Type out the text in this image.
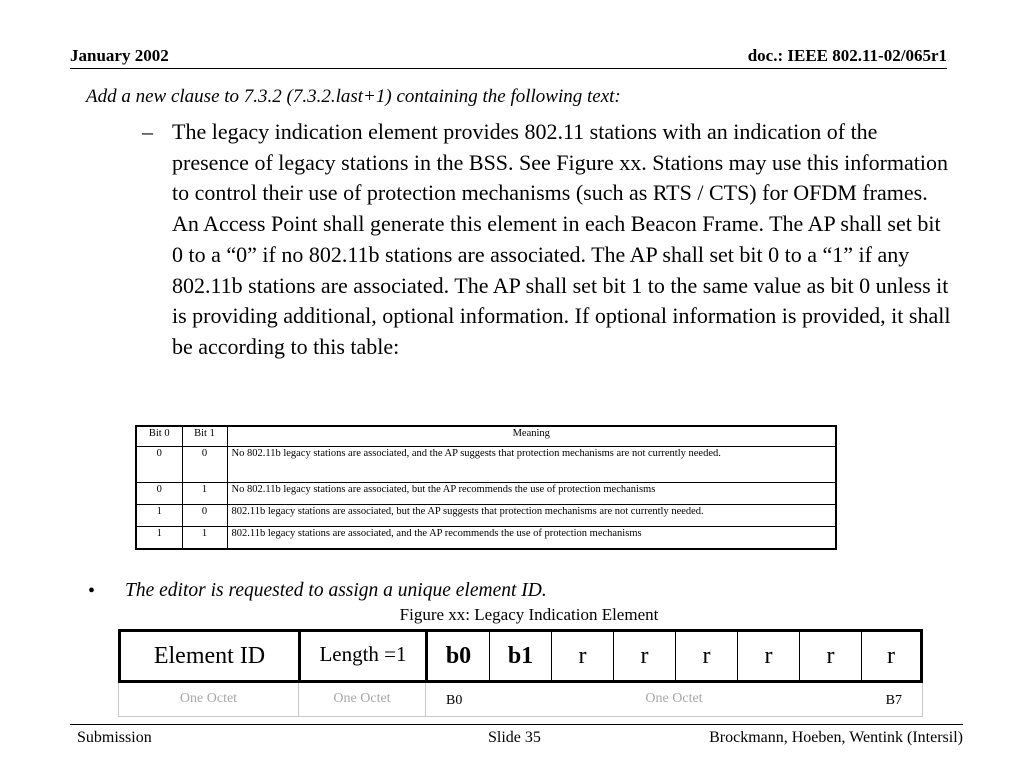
January 2002	doc.: IEEE 802.11-02/065r1
Add a new clause to 7.3.2 (7.3.2.last+1) containing the following text:
– The legacy indication element provides 802.11 stations with an indication of the presence of legacy stations in the BSS. See Figure xx. Stations may use this information to control their use of protection mechanisms (such as RTS / CTS) for OFDM frames. An Access Point shall generate this element in each Beacon Frame. The AP shall set bit 0 to a “0” if no 802.11b stations are associated. The AP shall set bit 0 to a “1” if any 802.11b stations are associated. The AP shall set bit 1 to the same value as bit 0 unless it is providing additional, optional information. If optional information is provided, it shall be according to this table:

Bit 0	Bit 1	Meaning
0	0	No 802.11b legacy stations are associated, and the AP suggests that protection mechanisms are not currently needed.
0	1	No 802.11b legacy stations are associated, but the AP recommends the use of protection mechanisms
1	0	802.11b legacy stations are associated, but the AP suggests that protection mechanisms are not currently needed.
1	1	802.11b legacy stations are associated, and the AP recommends the use of protection mechanisms
• The editor is requested to assign a unique element ID.
Figure xx: Legacy Indication Element
Element ID	Length =1	b0	b1	r	r	r	r	r	r
One Octet	One Octet	B0	One Octet	B7
Submission	Slide 35	Brockmann, Hoeben, Wentink (Intersil)
